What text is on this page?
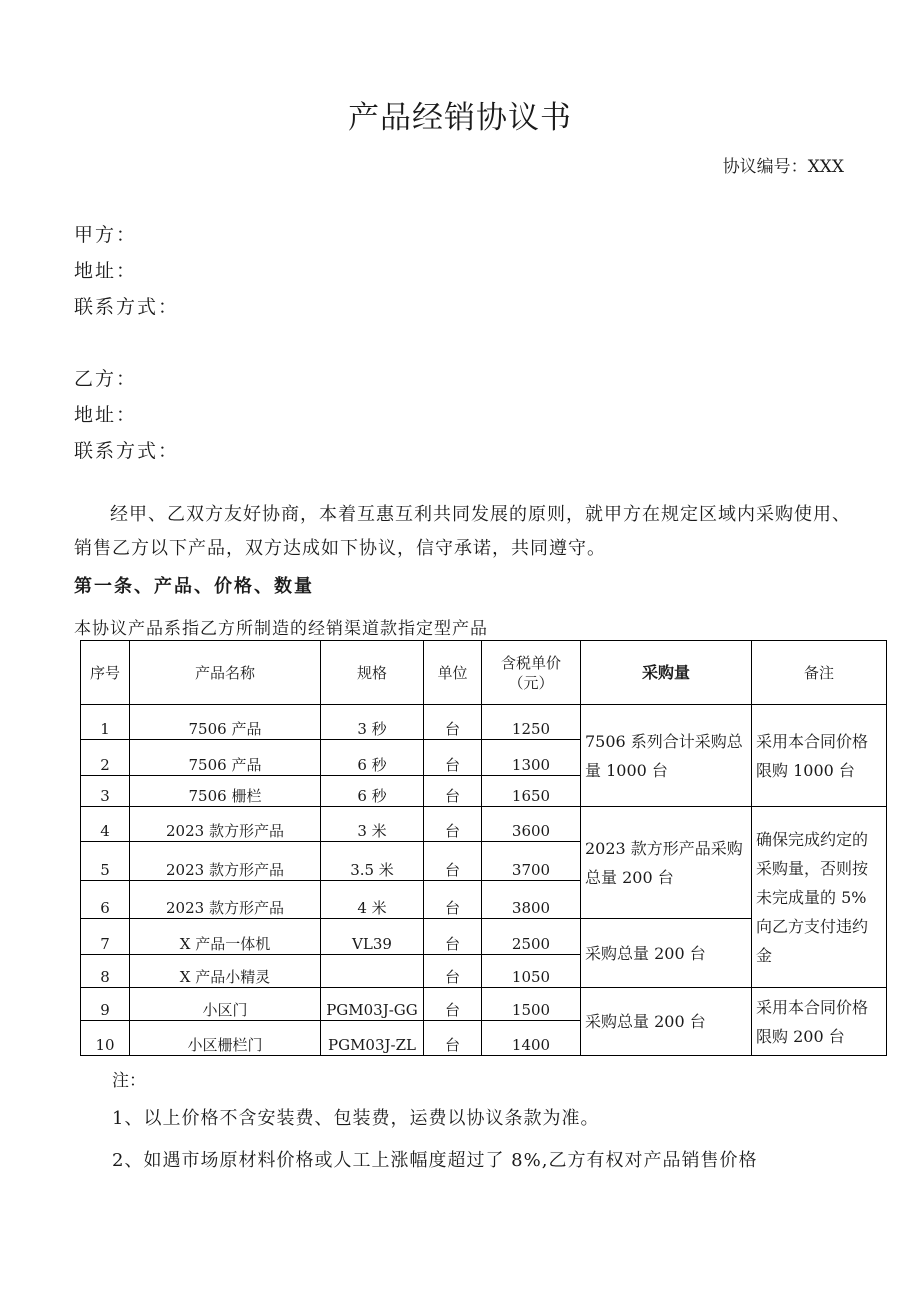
产品经销协议书
协议编号：XXX
甲方：
地址：
联系方式：
乙方：
地址：
联系方式：
经甲、乙双方友好协商，本着互惠互利共同发展的原则，就甲方在规定区域内采购使用、销售乙方以下产品，双方达成如下协议，信守承诺，共同遵守。
第一条、产品、价格、数量
本协议产品系指乙方所制造的经销渠道款指定型产品
序号	产品名称	规格	单位	含税单价
（元）	采购量	备注
1	7506 产品	3 秒	台	1250	7506 系列合计采购总量 1000 台	采用本合同价格限购 1000 台
2	7506 产品	6 秒	台	1300		
3	7506 栅栏	6 秒	台	1650		
4	2023 款方形产品	3 米	台	3600	2023 款方形产品采购总量 200 台	确保完成约定的采购量，否则按未完成量的 5%向乙方支付违约金
5	2023 款方形产品	3.5 米	台	3700		
6	2023 款方形产品	4 米	台	3800		
7	X 产品一体机	VL39	台	2500	采购总量 200 台	
8	X 产品小精灵		台	1050		
9	小区门	PGM03J-GG	台	1500	采购总量 200 台	采用本合同价格限购 200 台
10	小区栅栏门	PGM03J-ZL	台	1400		
注：
1、以上价格不含安装费、包装费，运费以协议条款为准。
2、如遇市场原材料价格或人工上涨幅度超过了 8%,乙方有权对产品销售价格
